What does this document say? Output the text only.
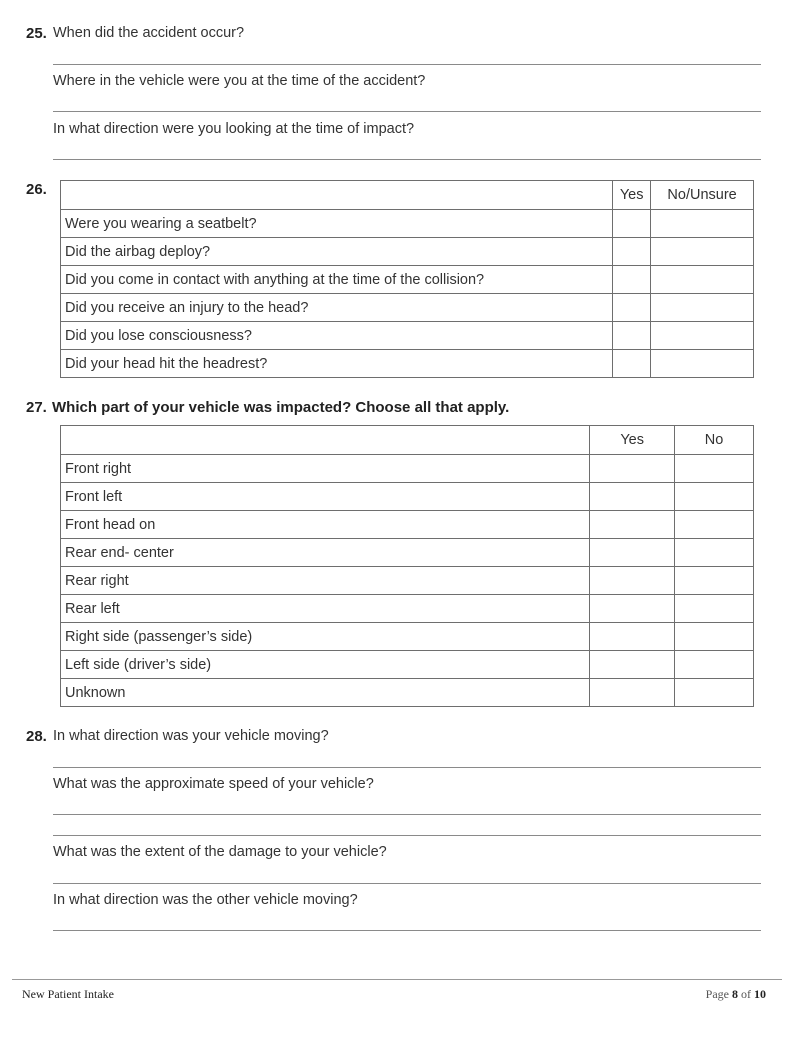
25. When did the accident occur?
Where in the vehicle were you at the time of the accident?
In what direction were you looking at the time of impact?
26.
		Yes	No/Unsure
Were you wearing a seatbelt?		
Did the airbag deploy?		
Did you come in contact with anything at the time of the collision?		
Did you receive an injury to the head?		
Did you lose consciousness?		
Did your head hit the headrest?		
27. Which part of your vehicle was impacted? Choose all that apply.
	Yes	No
Front right		
Front left		
Front head on		
Rear end- center		
Rear right		
Rear left		
Right side (passenger’s side)		
Left side (driver’s side)		
Unknown		
28. In what direction was your vehicle moving?
What was the approximate speed of your vehicle?
What was the extent of the damage to your vehicle?
In what direction was the other vehicle moving?
New Patient Intake	Page 8 of 10
